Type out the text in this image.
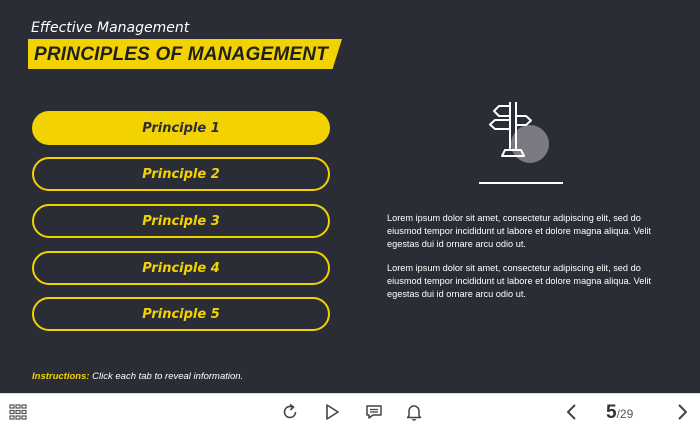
Effective Management
PRINCIPLES OF MANAGEMENT
Principle 1
Principle 2
Principle 3
Principle 4
Principle 5
Lorem ipsum dolor sit amet, consectetur adipiscing elit, sed do eiusmod tempor incididunt ut labore et dolore magna aliqua. Velit egestas dui id ornare arcu odio ut.
Lorem ipsum dolor sit amet, consectetur adipiscing elit, sed do eiusmod tempor incididunt ut labore et dolore magna aliqua. Velit egestas dui id ornare arcu odio ut.
Instructions: Click each tab to reveal information.
5/29
